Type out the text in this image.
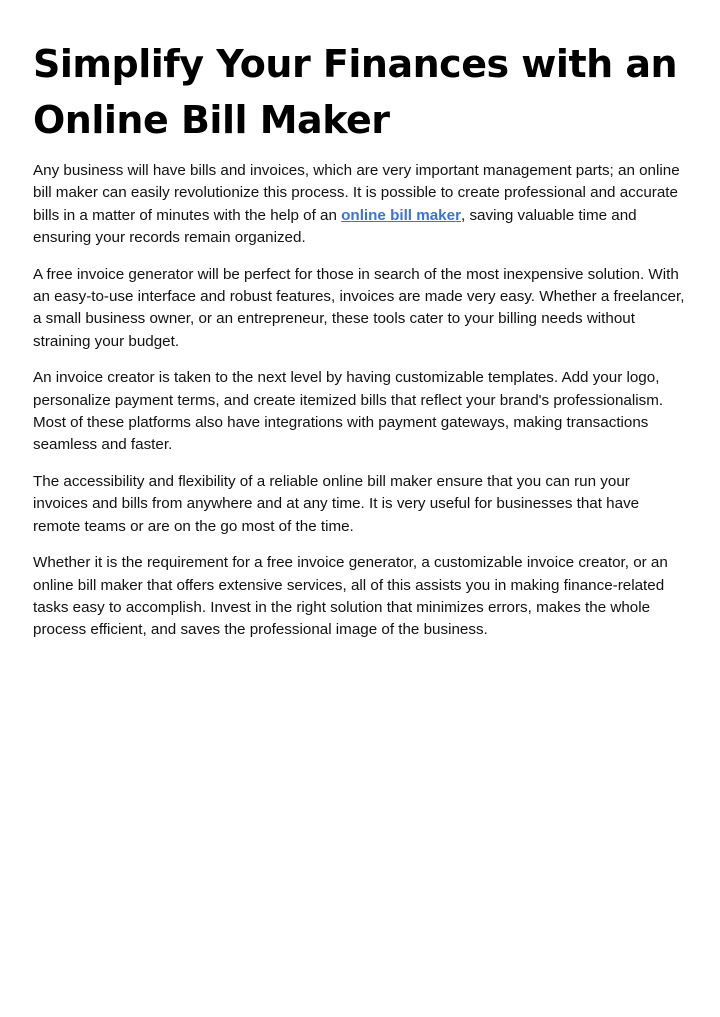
Simplify Your Finances with an Online Bill Maker

Any business will have bills and invoices, which are very important management parts; an online bill maker can easily revolutionize this process. It is possible to create professional and accurate bills in a matter of minutes with the help of an online bill maker, saving valuable time and ensuring your records remain organized.

A free invoice generator will be perfect for those in search of the most inexpensive solution. With an easy-to-use interface and robust features, invoices are made very easy. Whether a freelancer, a small business owner, or an entrepreneur, these tools cater to your billing needs without straining your budget.

An invoice creator is taken to the next level by having customizable templates. Add your logo, personalize payment terms, and create itemized bills that reflect your brand's professionalism. Most of these platforms also have integrations with payment gateways, making transactions seamless and faster.

The accessibility and flexibility of a reliable online bill maker ensure that you can run your invoices and bills from anywhere and at any time. It is very useful for businesses that have remote teams or are on the go most of the time.

Whether it is the requirement for a free invoice generator, a customizable invoice creator, or an online bill maker that offers extensive services, all of this assists you in making finance-related tasks easy to accomplish. Invest in the right solution that minimizes errors, makes the whole process efficient, and saves the professional image of the business.
